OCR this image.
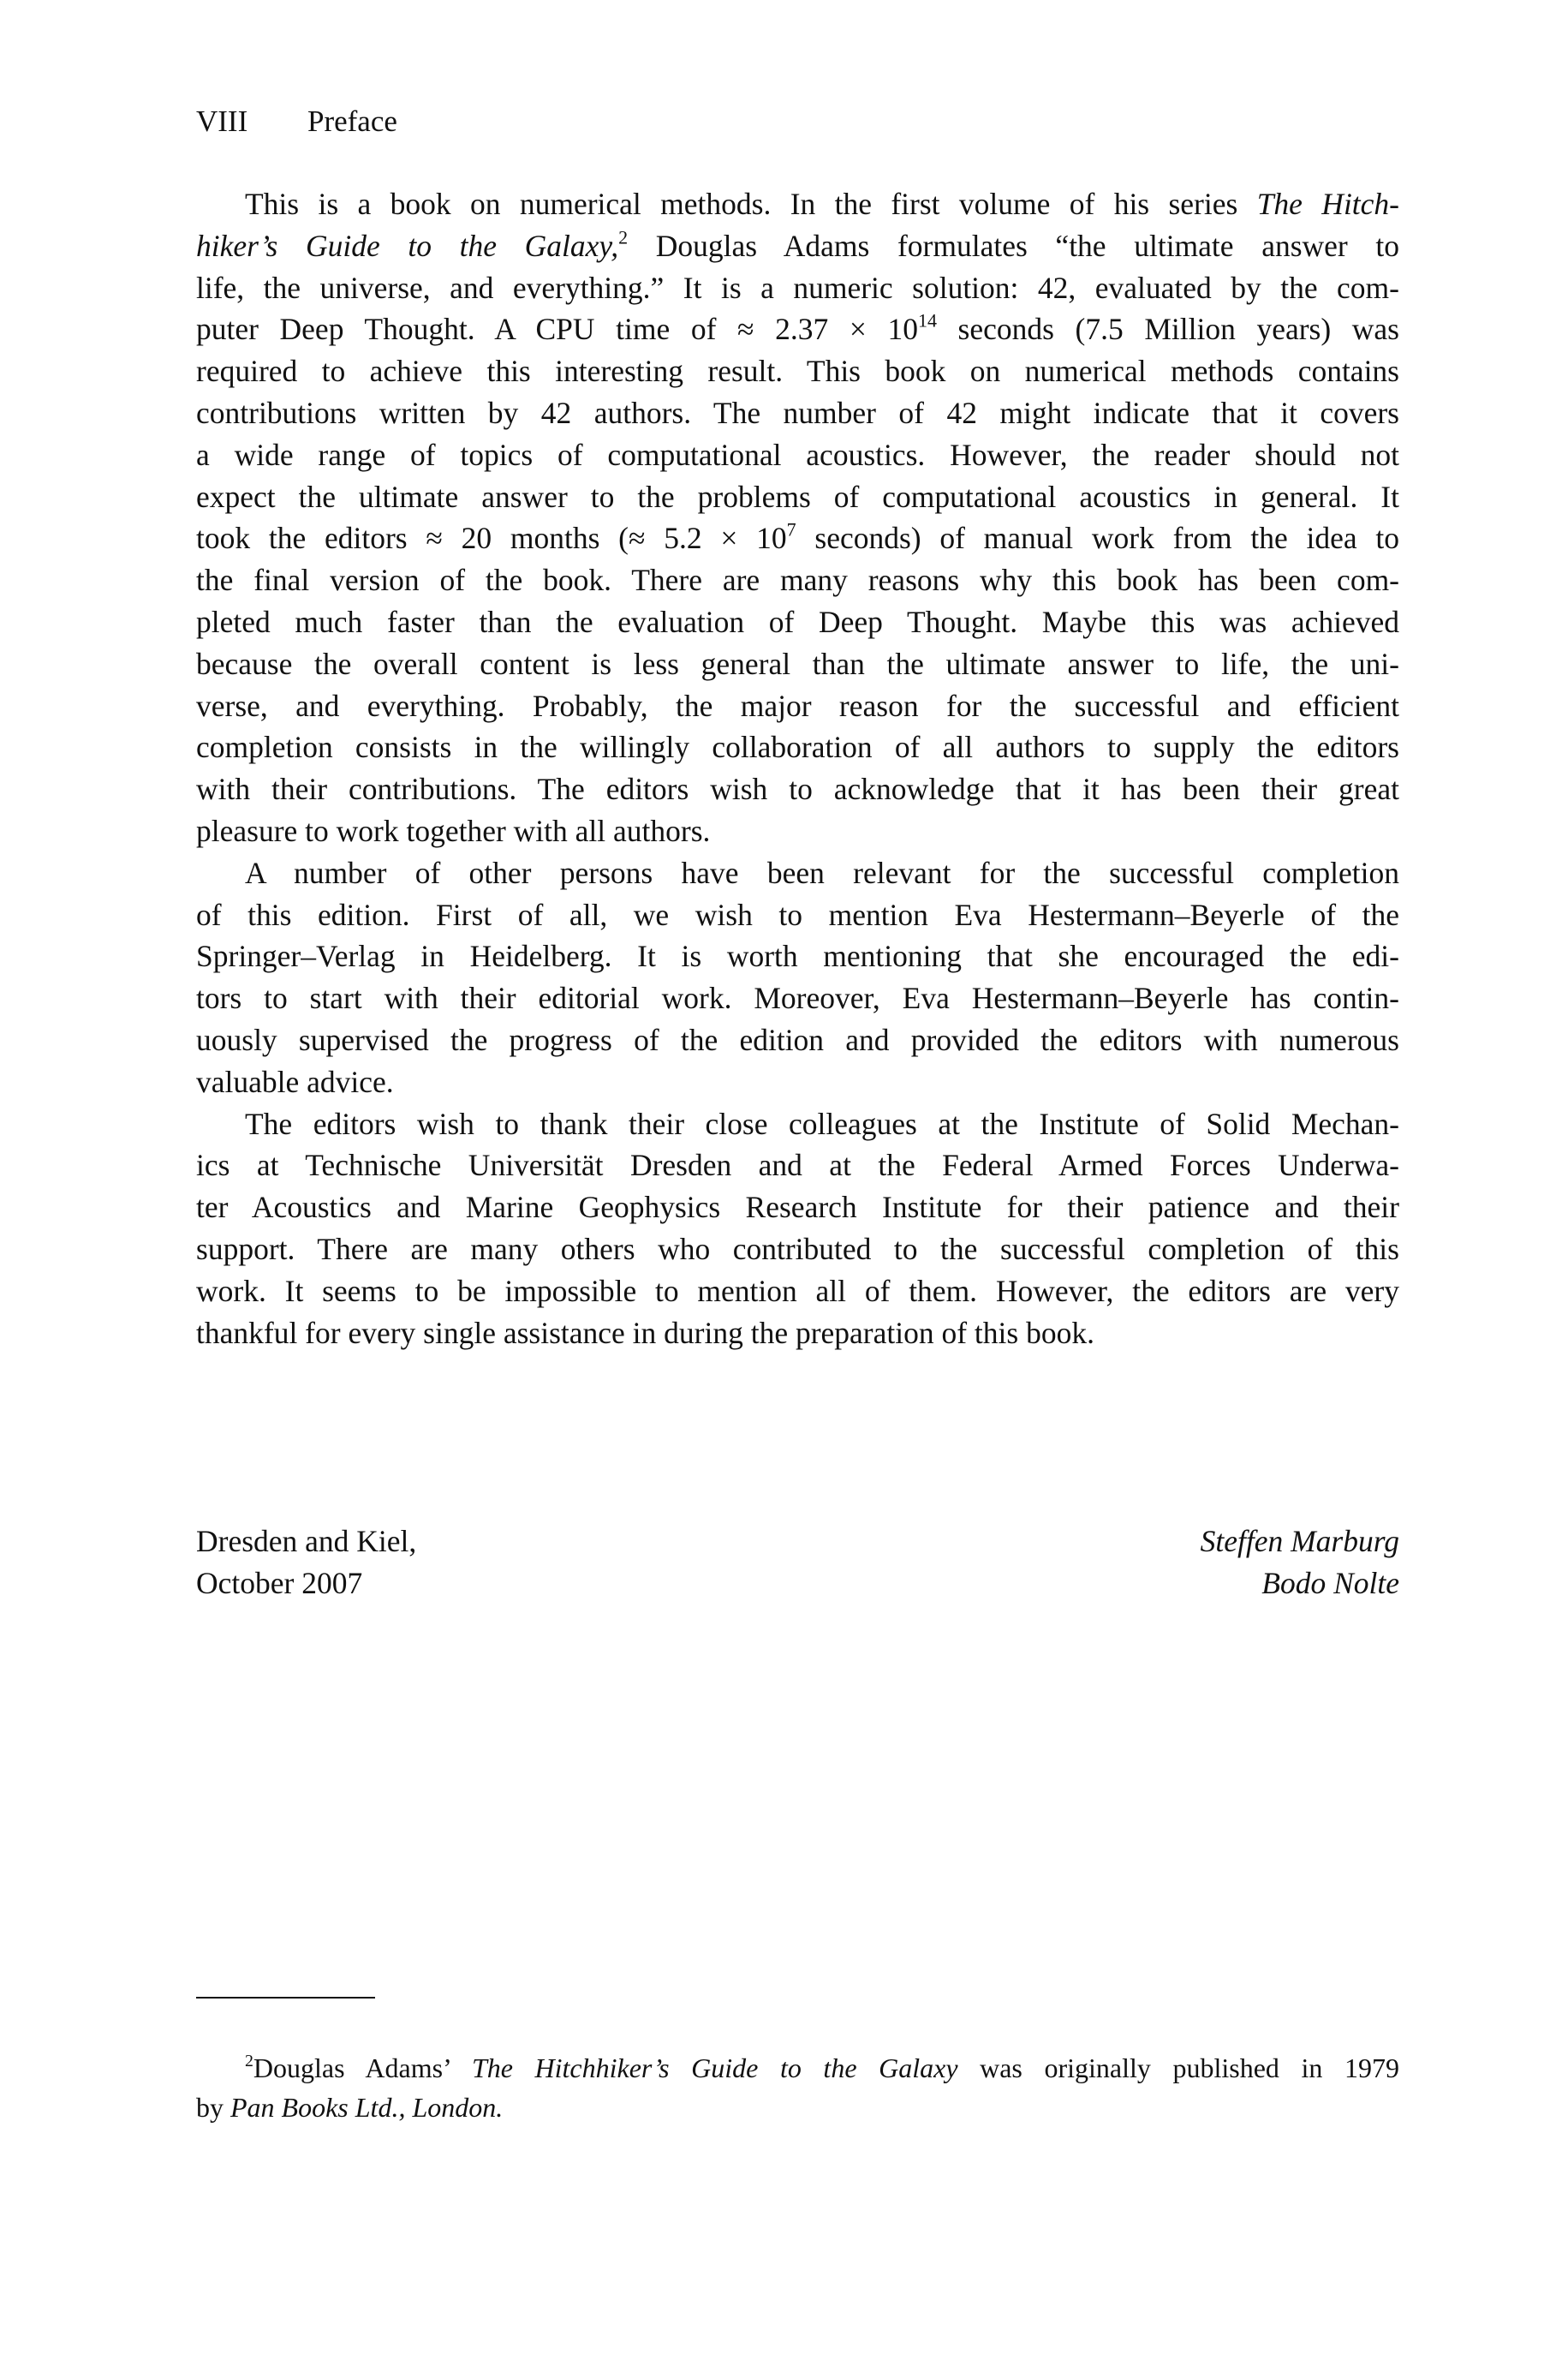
VIII Preface
This is a book on numerical methods. In the first volume of his series The Hitch-
hiker’s Guide to the Galaxy,$^2$ Douglas Adams formulates “the ultimate answer to
life, the universe, and everything.” It is a numeric solution: 42, evaluated by the com-
puter Deep Thought. A CPU time of ≈ $2.37 \times 10^{14}$ seconds (7.5 Million years) was
required to achieve this interesting result. This book on numerical methods contains
contributions written by 42 authors. The number of 42 might indicate that it covers
a wide range of topics of computational acoustics. However, the reader should not
expect the ultimate answer to the problems of computational acoustics in general. It
took the editors ≈ 20 months (≈ $5.2 \times 10^7$ seconds) of manual work from the idea to
the final version of the book. There are many reasons why this book has been com-
pleted much faster than the evaluation of Deep Thought. Maybe this was achieved
because the overall content is less general than the ultimate answer to life, the uni-
verse, and everything. Probably, the major reason for the successful and efficient
completion consists in the willingly collaboration of all authors to supply the editors
with their contributions. The editors wish to acknowledge that it has been their great
pleasure to work together with all authors.
A number of other persons have been relevant for the successful completion
of this edition. First of all, we wish to mention Eva Hestermann–Beyerle of the
Springer–Verlag in Heidelberg. It is worth mentioning that she encouraged the edi-
tors to start with their editorial work. Moreover, Eva Hestermann–Beyerle has contin-
uously supervised the progress of the edition and provided the editors with numerous
valuable advice.
The editors wish to thank their close colleagues at the Institute of Solid Mechan-
ics at Technische Universität Dresden and at the Federal Armed Forces Underwa-
ter Acoustics and Marine Geophysics Research Institute for their patience and their
support. There are many others who contributed to the successful completion of this
work. It seems to be impossible to mention all of them. However, the editors are very
thankful for every single assistance in during the preparation of this book.
Dresden and Kiel,
October 2007
Steffen Marburg
Bodo Nolte
$^2$Douglas Adams’ The Hitchhiker’s Guide to the Galaxy was originally published in 1979
by Pan Books Ltd., London.
